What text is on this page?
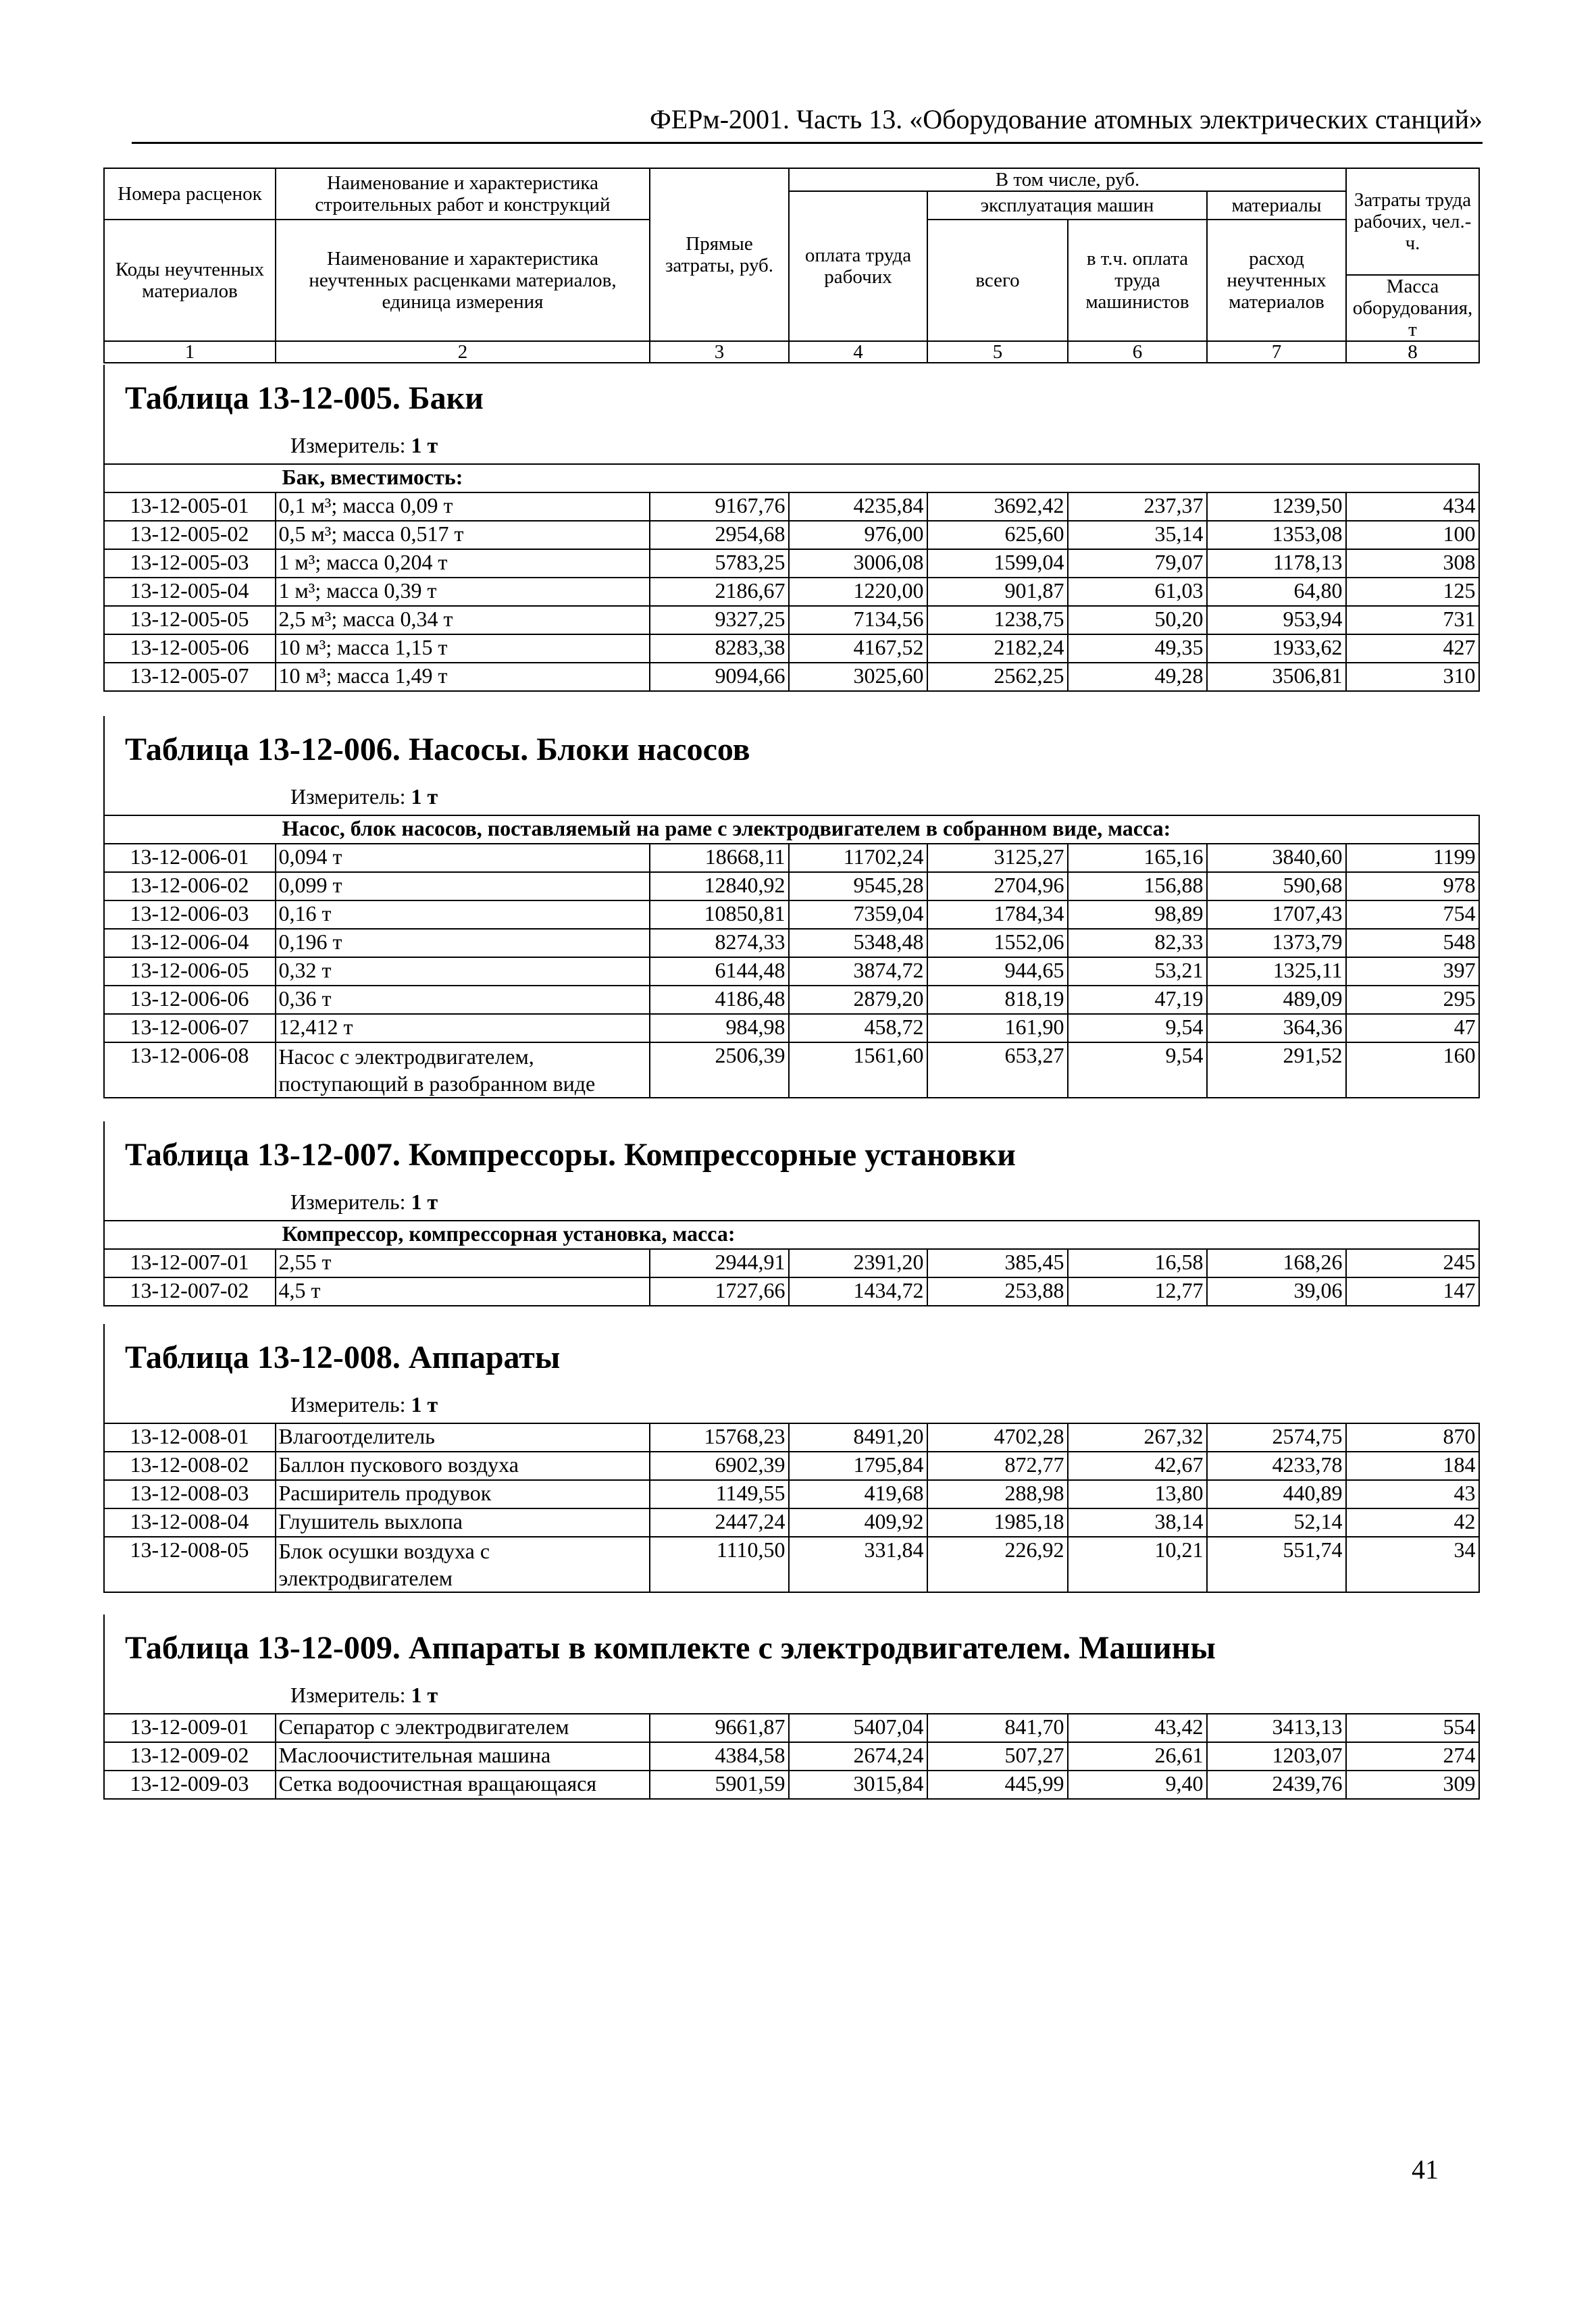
ФЕРм-2001. Часть 13. «Оборудование атомных электрических станций»
Номера расценок	Наименование и характеристика строительных работ и конструкций	Прямые затраты, руб.	В том числе, руб.				Затраты труда рабочих, чел.-ч.
			оплата труда рабочих	эксплуатация машин		материалы	
Коды неучтенных материалов	Наименование и характеристика неучтенных расценками материалов, единица измерения			всего	в т.ч. оплата труда машинистов	расход неучтенных материалов	

							Масса оборудования, т
1	2	3	4	5	6	7	8
Таблица 13-12-005. Баки
Измеритель: 1 т
	Бак, вместимость:						
13-12-005-01	0,1 м³; масса 0,09 т	9167,76	4235,84	3692,42	237,37	1239,50	434
13-12-005-02	0,5 м³; масса 0,517 т	2954,68	976,00	625,60	35,14	1353,08	100
13-12-005-03	1 м³; масса 0,204 т	5783,25	3006,08	1599,04	79,07	1178,13	308
13-12-005-04	1 м³; масса 0,39 т	2186,67	1220,00	901,87	61,03	64,80	125
13-12-005-05	2,5 м³; масса 0,34 т	9327,25	7134,56	1238,75	50,20	953,94	731
13-12-005-06	10 м³; масса 1,15 т	8283,38	4167,52	2182,24	49,35	1933,62	427
13-12-005-07	10 м³; масса 1,49 т	9094,66	3025,60	2562,25	49,28	3506,81	310
Таблица 13-12-006. Насосы. Блоки насосов
Измеритель: 1 т
	Насос, блок насосов, поставляемый на раме с электродвигателем в собранном виде, масса:						
13-12-006-01	0,094 т	18668,11	11702,24	3125,27	165,16	3840,60	1199
13-12-006-02	0,099 т	12840,92	9545,28	2704,96	156,88	590,68	978
13-12-006-03	0,16 т	10850,81	7359,04	1784,34	98,89	1707,43	754
13-12-006-04	0,196 т	8274,33	5348,48	1552,06	82,33	1373,79	548
13-12-006-05	0,32 т	6144,48	3874,72	944,65	53,21	1325,11	397
13-12-006-06	0,36 т	4186,48	2879,20	818,19	47,19	489,09	295
13-12-006-07	12,412 т	984,98	458,72	161,90	9,54	364,36	47
13-12-006-08	Насос с электродвигателем, поступающий в разобранном виде	2506,39	1561,60	653,27	9,54	291,52	160
Таблица 13-12-007. Компрессоры. Компрессорные установки
Измеритель: 1 т
	Компрессор, компрессорная установка, масса:						
13-12-007-01	2,55 т	2944,91	2391,20	385,45	16,58	168,26	245
13-12-007-02	4,5 т	1727,66	1434,72	253,88	12,77	39,06	147
Таблица 13-12-008. Аппараты
Измеритель: 1 т
13-12-008-01	Влагоотделитель	15768,23	8491,20	4702,28	267,32	2574,75	870
13-12-008-02	Баллон пускового воздуха	6902,39	1795,84	872,77	42,67	4233,78	184
13-12-008-03	Расширитель продувок	1149,55	419,68	288,98	13,80	440,89	43
13-12-008-04	Глушитель выхлопа	2447,24	409,92	1985,18	38,14	52,14	42
13-12-008-05	Блок осушки воздуха с электродвигателем	1110,50	331,84	226,92	10,21	551,74	34
Таблица 13-12-009. Аппараты в комплекте с электродвигателем. Машины
Измеритель: 1 т
13-12-009-01	Сепаратор с электродвигателем	9661,87	5407,04	841,70	43,42	3413,13	554
13-12-009-02	Маслоочистительная машина	4384,58	2674,24	507,27	26,61	1203,07	274
13-12-009-03	Сетка водоочистная вращающаяся	5901,59	3015,84	445,99	9,40	2439,76	309
41
